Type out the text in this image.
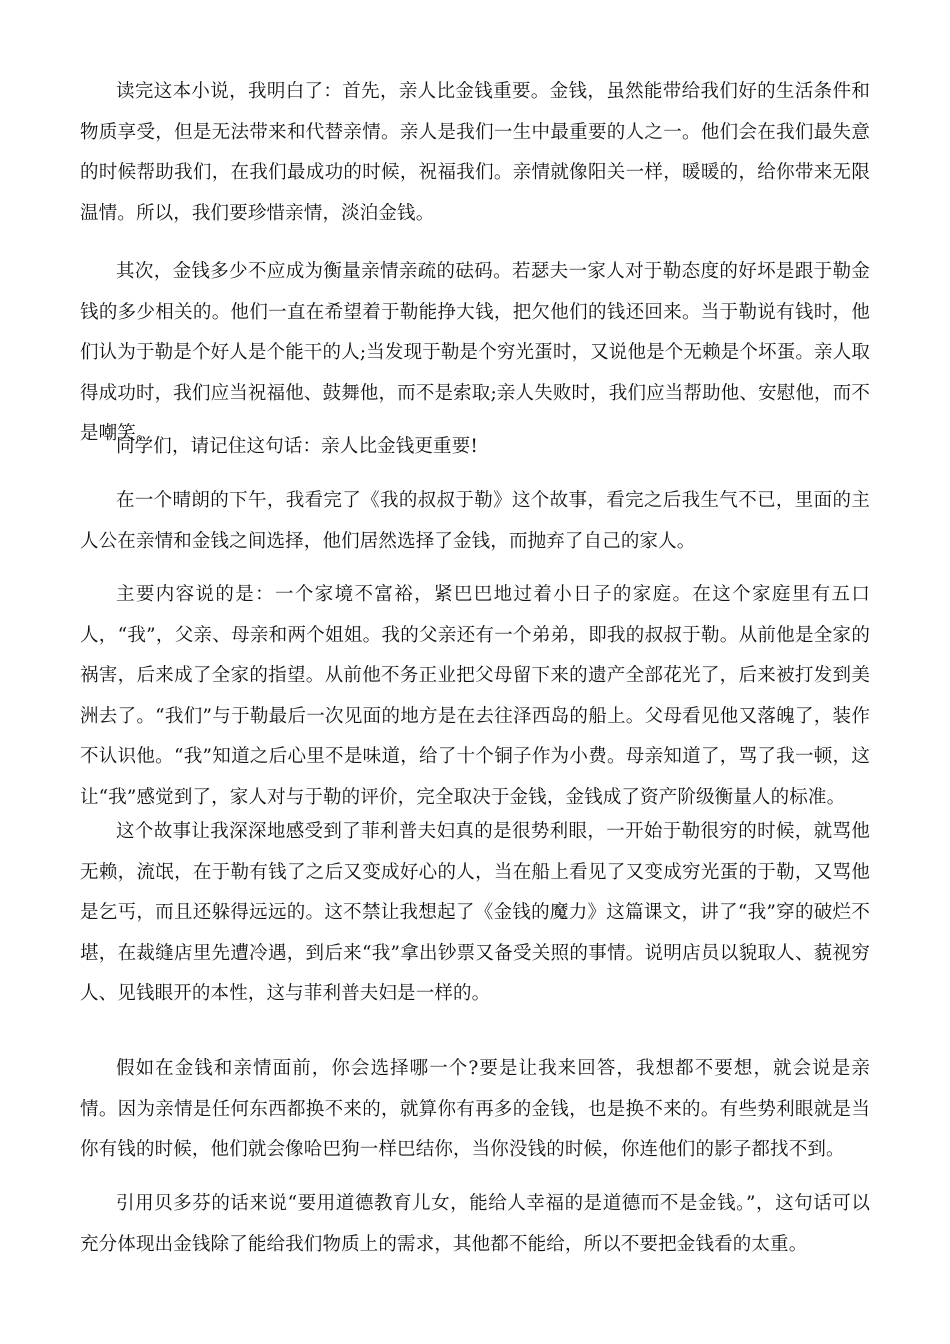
读完这本小说，我明白了：首先，亲人比金钱重要。金钱，虽然能带给我们好的生活条件和物质享受，但是无法带来和代替亲情。亲人是我们一生中最重要的人之一。他们会在我们最失意的时候帮助我们，在我们最成功的时候，祝福我们。亲情就像阳关一样，暖暖的，给你带来无限温情。所以，我们要珍惜亲情，淡泊金钱。

其次，金钱多少不应成为衡量亲情亲疏的砝码。若瑟夫一家人对于勒态度的好坏是跟于勒金钱的多少相关的。他们一直在希望着于勒能挣大钱，把欠他们的钱还回来。当于勒说有钱时，他们认为于勒是个好人是个能干的人;当发现于勒是个穷光蛋时，又说他是个无赖是个坏蛋。亲人取得成功时，我们应当祝福他、鼓舞他，而不是索取;亲人失败时，我们应当帮助他、安慰他，而不是嘲笑。

同学们，请记住这句话：亲人比金钱更重要!

在一个晴朗的下午，我看完了《我的叔叔于勒》这个故事，看完之后我生气不已，里面的主人公在亲情和金钱之间选择，他们居然选择了金钱，而抛弃了自己的家人。

主要内容说的是：一个家境不富裕，紧巴巴地过着小日子的家庭。在这个家庭里有五口人，“我”，父亲、母亲和两个姐姐。我的父亲还有一个弟弟，即我的叔叔于勒。从前他是全家的祸害，后来成了全家的指望。从前他不务正业把父母留下来的遗产全部花光了，后来被打发到美洲去了。“我们”与于勒最后一次见面的地方是在去往泽西岛的船上。父母看见他又落魄了，装作不认识他。“我”知道之后心里不是味道，给了十个铜子作为小费。母亲知道了，骂了我一顿，这让“我”感觉到了，家人对与于勒的评价，完全取决于金钱，金钱成了资产阶级衡量人的标准。

这个故事让我深深地感受到了菲利普夫妇真的是很势利眼，一开始于勒很穷的时候，就骂他无赖，流氓，在于勒有钱了之后又变成好心的人，当在船上看见了又变成穷光蛋的于勒，又骂他是乞丐，而且还躲得远远的。这不禁让我想起了《金钱的魔力》这篇课文，讲了“我”穿的破烂不堪，在裁缝店里先遭冷遇，到后来“我”拿出钞票又备受关照的事情。说明店员以貌取人、藐视穷人、见钱眼开的本性，这与菲利普夫妇是一样的。

假如在金钱和亲情面前，你会选择哪一个?要是让我来回答，我想都不要想，就会说是亲情。因为亲情是任何东西都换不来的，就算你有再多的金钱，也是换不来的。有些势利眼就是当你有钱的时候，他们就会像哈巴狗一样巴结你，当你没钱的时候，你连他们的影子都找不到。

引用贝多芬的话来说“要用道德教育儿女，能给人幸福的是道德而不是金钱。”，这句话可以充分体现出金钱除了能给我们物质上的需求，其他都不能给，所以不要把金钱看的太重。
